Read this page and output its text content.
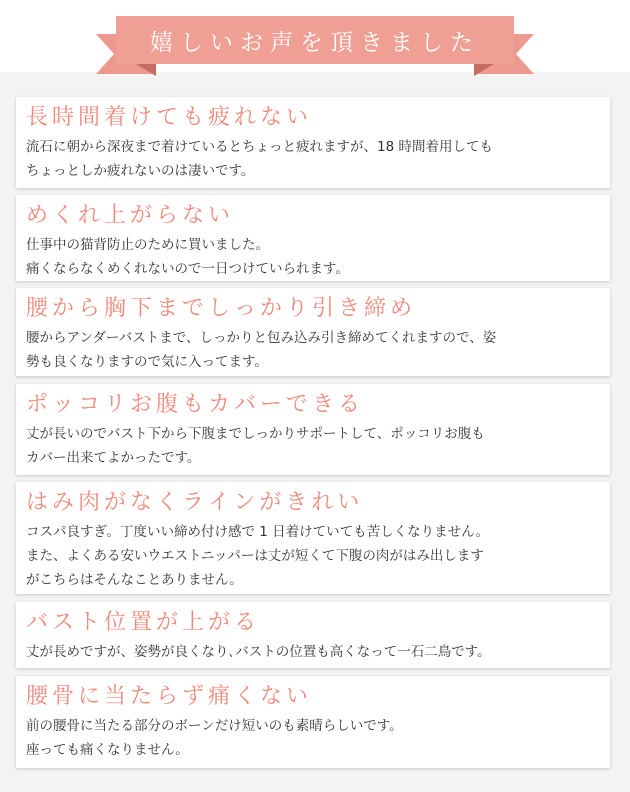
嬉しいお声を頂きました
長時間着けても疲れない
流石に朝から深夜まで着けているとちょっと疲れますが、18 時間着用しても
ちょっとしか疲れないのは凄いです。
めくれ上がらない
仕事中の猫背防止のために買いました。
痛くならなくめくれないので一日つけていられます。
腰から胸下までしっかり引き締め
腰からアンダーバストまで、しっかりと包み込み引き締めてくれますので、姿
勢も良くなりますので気に入ってます。
ポッコリお腹もカバーできる
丈が長いのでバスト下から下腹までしっかりサポートして、ポッコリお腹も
カバー出来てよかったです。
はみ肉がなくラインがきれい
コスパ良すぎ。丁度いい締め付け感で 1 日着けていても苦しくなりません。
また、よくある安いウエストニッパーは丈が短くて下腹の肉がはみ出します
がこちらはそんなことありません。
バスト位置が上がる
丈が長めですが、姿勢が良くなり､バストの位置も高くなって一石二鳥です。
腰骨に当たらず痛くない
前の腰骨に当たる部分のボーンだけ短いのも素晴らしいです。
座っても痛くなりません。
